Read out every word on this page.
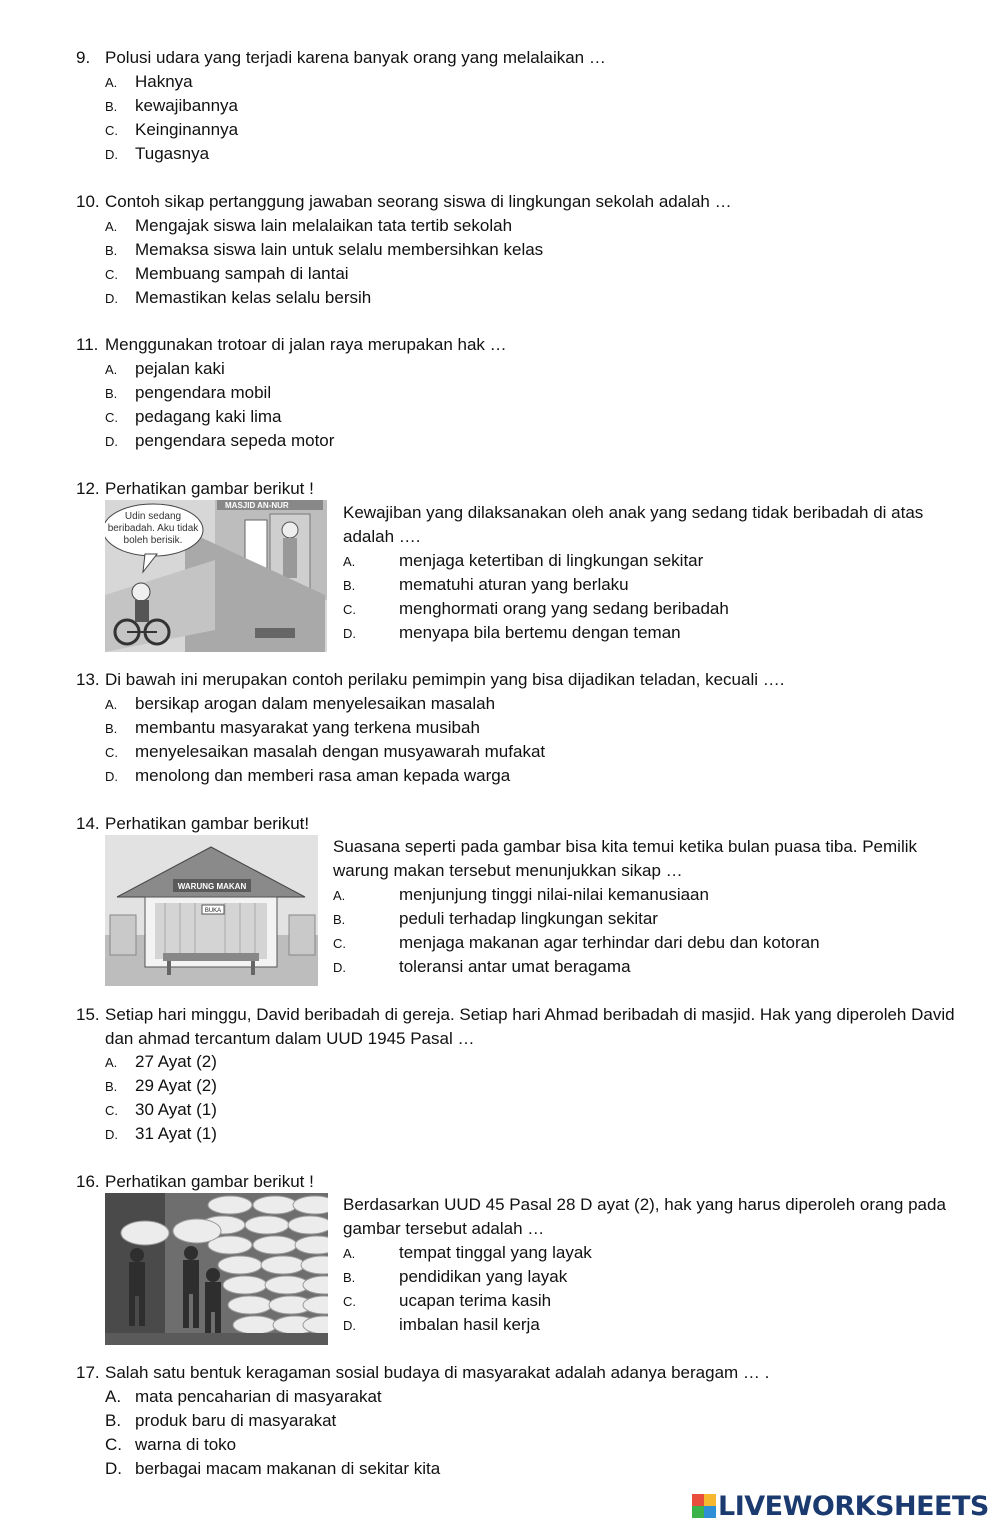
9. Polusi udara yang terjadi karena banyak orang yang melalaikan …
A. Haknya
B. kewajibannya
C. Keinginannya
D. Tugasnya
10. Contoh sikap pertanggung jawaban seorang siswa di lingkungan sekolah adalah …
A. Mengajak siswa lain melalaikan tata tertib sekolah
B. Memaksa siswa lain untuk selalu membersihkan kelas
C. Membuang sampah di lantai
D. Memastikan kelas selalu bersih
11. Menggunakan trotoar di jalan raya merupakan hak …
A. pejalan kaki
B. pengendara mobil
C. pedagang kaki lima
D. pengendara sepeda motor
12. Perhatikan gambar berikut !
MASJID AN-NUR
Udin sedang
beribadah. Aku tidak
boleh berisik.
Kewajiban yang dilaksanakan oleh anak yang sedang tidak beribadah di atas adalah ….
A.	menjaga ketertiban di lingkungan sekitar
B.	mematuhi aturan yang berlaku
C.	menghormati orang yang sedang beribadah
D.	menyapa bila bertemu dengan teman
13. Di bawah ini merupakan contoh perilaku pemimpin yang bisa dijadikan teladan, kecuali ….
A. bersikap arogan dalam menyelesaikan masalah
B. membantu masyarakat yang terkena musibah
C. menyelesaikan masalah dengan musyawarah mufakat
D. menolong dan memberi rasa aman kepada warga
14. Perhatikan gambar berikut!
WARUNG MAKAN
BUKA
Suasana seperti pada gambar bisa kita temui ketika bulan puasa tiba. Pemilik warung makan tersebut menunjukkan sikap …
A.	menjunjung tinggi nilai-nilai kemanusiaan
B.	peduli terhadap lingkungan sekitar
C.	menjaga makanan agar terhindar dari debu dan kotoran
D.	toleransi antar umat beragama
15. Setiap hari minggu, David beribadah di gereja. Setiap hari Ahmad beribadah di masjid. Hak yang diperoleh David dan ahmad tercantum dalam UUD 1945 Pasal …
A. 27 Ayat (2)
B. 29 Ayat (2)
C. 30 Ayat (1)
D. 31 Ayat (1)
16. Perhatikan gambar berikut !
Berdasarkan UUD 45 Pasal 28 D ayat (2), hak yang harus diperoleh orang pada gambar tersebut adalah …
A.	tempat tinggal yang layak
B.	pendidikan yang layak
C.	ucapan terima kasih
D.	imbalan hasil kerja
17. Salah satu bentuk keragaman sosial budaya di masyarakat adalah adanya beragam … .
A. mata pencaharian di masyarakat
B. produk baru di masyarakat
C. warna di toko
D. berbagai macam makanan di sekitar kita
LIVEWORKSHEETS
